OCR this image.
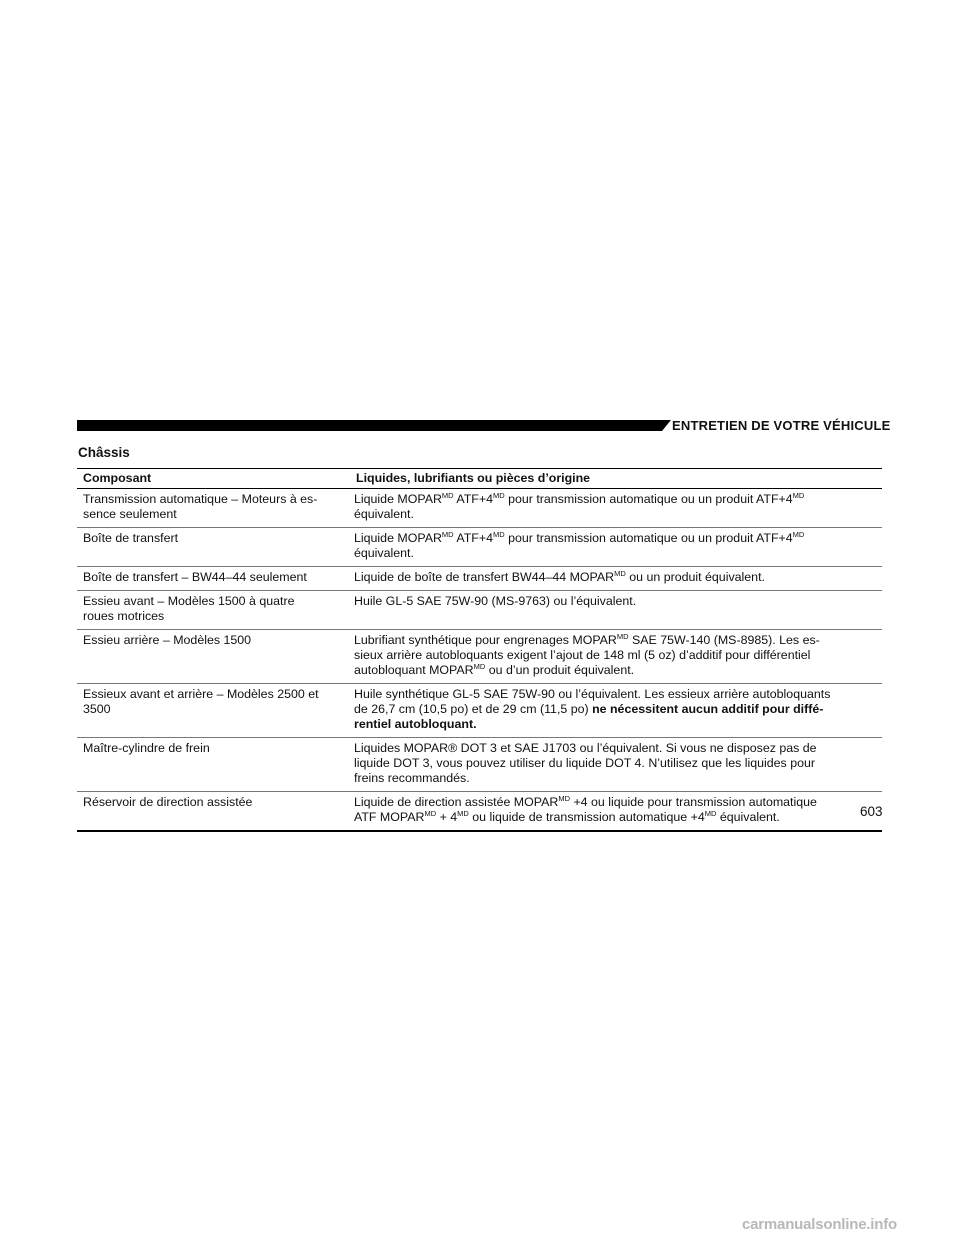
ENTRETIEN DE VOTRE VÉHICULE
Châssis
Composant	Liquides, lubrifiants ou pièces d’origine
Transmission automatique – Moteurs à es-
sence seulement	Liquide $MOPAR^{MD}$ $ATF+4^{MD}$ pour transmission automatique ou un produit $ATF+4^{MD}$
équivalent.
Boîte de transfert	Liquide $MOPAR^{MD}$ $ATF+4^{MD}$ pour transmission automatique ou un produit $ATF+4^{MD}$
équivalent.
Boîte de transfert – BW44–44 seulement	Liquide de boîte de transfert BW44–44 $MOPAR^{MD}$ ou un produit équivalent.
Essieu avant – Modèles 1500 à quatre
roues motrices	Huile GL-5 SAE 75W-90 (MS-9763) ou l’équivalent.
Essieu arrière – Modèles 1500	Lubrifiant synthétique pour engrenages $MOPAR^{MD}$ SAE 75W-140 (MS-8985). Les es-
sieux arrière autobloquants exigent l’ajout de 148 ml (5 oz) d’additif pour différentiel
autobloquant $MOPAR^{MD}$ ou d’un produit équivalent.
Essieux avant et arrière – Modèles 2500 et
3500	Huile synthétique GL-5 SAE 75W-90 ou l’équivalent. Les essieux arrière autobloquants
de 26,7 cm (10,5 po) et de 29 cm (11,5 po) ne nécessitent aucun additif pour diffé-
rentiel autobloquant.
Maître-cylindre de frein	Liquides MOPAR® DOT 3 et SAE J1703 ou l’équivalent. Si vous ne disposez pas de
liquide DOT 3, vous pouvez utiliser du liquide DOT 4. N’utilisez que les liquides pour
freins recommandés.
Réservoir de direction assistée	Liquide de direction assistée $MOPAR^{MD} +4$ ou liquide pour transmission automatique
ATF $MOPAR^{MD} + 4^{MD}$ ou liquide de transmission automatique $+4^{MD}$ équivalent.	603
carmanualsonline.info
